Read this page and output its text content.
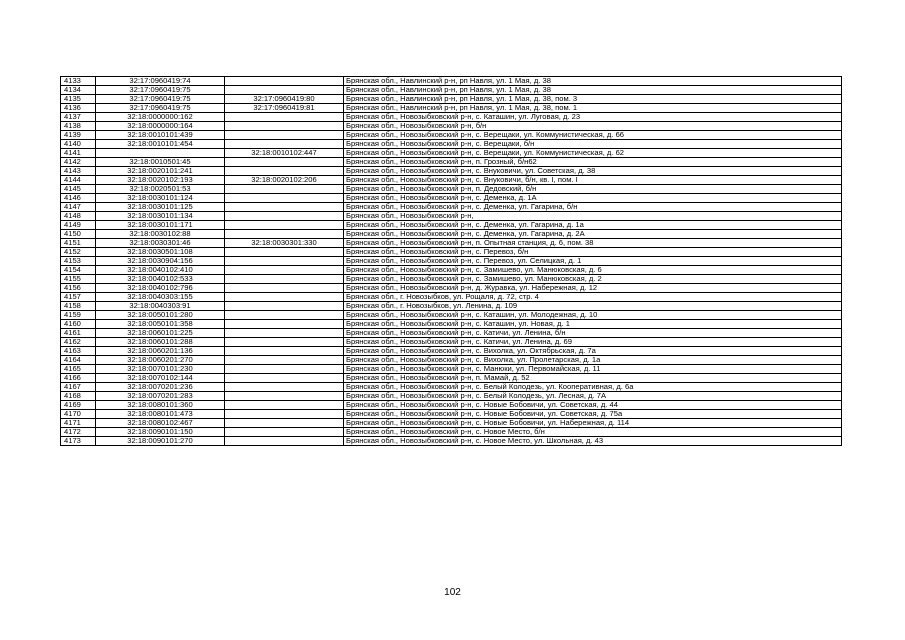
4133	32:17:0960419:74		Брянская обл., Навлинский р-н, рп Навля, ул. 1 Мая, д. 38
4134	32:17:0960419:75		Брянская обл., Навлинский р-н, рп Навля, ул. 1 Мая, д. 38
4135	32:17:0960419:75	32:17:0960419:80	Брянская обл., Навлинский р-н, рп Навля, ул. 1 Мая, д. 38, пом. 3
4136	32:17:0960419:75	32:17:0960419:81	Брянская обл., Навлинский р-н, рп Навля, ул. 1 Мая, д. 38, пом. 1
4137	32:18:0000000:162		Брянская обл., Новозыбковский р-н, с. Каташин, ул. Луговая, д. 23
4138	32:18:0000000:164		Брянская обл., Новозыбковский р-н, б/н
4139	32:18:0010101:439		Брянская обл., Новозыбковский р-н, с. Верещаки, ул. Коммунистическая, д. 66
4140	32:18:0010101:454		Брянская обл., Новозыбковский р-н, с. Верещаки, б/н
4141		32:18:0010102:447	Брянская обл., Новозыбковский р-н, с. Верещаки, ул. Коммунистическая, д. 62
4142	32:18:0010501:45		Брянская обл., Новозыбковский р-н, п. Грозный, б/н62
4143	32:18:0020101:241		Брянская обл., Новозыбковский р-н, с. Внуковичи, ул. Советская, д. 38
4144	32:18:0020102:193	32:18:0020102:206	Брянская обл., Новозыбковский р-н, с. Внуковичи, б/н, кв. I, пом. I
4145	32:18:0020501:53		Брянская обл., Новозыбковский р-н, п. Дедовский, б/н
4146	32:18:0030101:124		Брянская обл., Новозыбковский р-н, с. Деменка, д. 1А
4147	32:18:0030101:125		Брянская обл., Новозыбковский р-н, с. Деменка, ул. Гагарина, б/н
4148	32:18:0030101:134		Брянская обл., Новозыбковский р-н,
4149	32:18:0030101:171		Брянская обл., Новозыбковский р-н, с. Деменка, ул. Гагарина, д. 1а
4150	32:18:0030102:88		Брянская обл., Новозыбковский р-н, с. Деменка, ул. Гагарина, д. 2А
4151	32:18:0030301:46	32:18:0030301:330	Брянская обл., Новозыбковский р-н, п. Опытная станция, д. 6, пом. 38
4152	32:18:0030501:108		Брянская обл., Новозыбковский р-н, с. Перевоз, б/н
4153	32:18:0030904:156		Брянская обл., Новозыбковский р-н, с. Перевоз, ул. Селицкая, д. 1
4154	32:18:0040102:410		Брянская обл., Новозыбковский р-н, с. Замишево, ул. Манюковская, д. 6
4155	32:18:0040102:533		Брянская обл., Новозыбковский р-н, с. Замишево, ул. Манюковская, д. 2
4156	32:18:0040102:796		Брянская обл., Новозыбковский р-н, д. Журавка, ул. Набережная, д. 12
4157	32:18:0040303:155		Брянская обл., г. Новозыбков, ул. Рощаля, д. 72, стр. 4
4158	32:18:0040303:91		Брянская обл., г. Новозыбков, ул. Ленина, д. 109
4159	32:18:0050101:280		Брянская обл., Новозыбковский р-н, с. Каташин, ул. Молодежная, д. 10
4160	32:18:0050101:358		Брянская обл., Новозыбковский р-н, с. Каташин, ул. Новая, д. 1
4161	32:18:0060101:225		Брянская обл., Новозыбковский р-н, с. Катичи, ул. Ленина, б/н
4162	32:18:0060101:288		Брянская обл., Новозыбковский р-н, с. Катичи, ул. Ленина, д. 69
4163	32:18:0060201:136		Брянская обл., Новозыбковский р-н, с. Вихолка, ул. Октябрьская, д. 7а
4164	32:18:0060201:270		Брянская обл., Новозыбковский р-н, с. Вихолка, ул. Пролетарская, д. 1а
4165	32:18:0070101:230		Брянская обл., Новозыбковский р-н, с. Манюки, ул. Первомайская, д. 11
4166	32:18:0070102:144		Брянская обл., Новозыбковский р-н, п. Мамай, д. 52
4167	32:18:0070201:236		Брянская обл., Новозыбковский р-н, с. Белый Колодезь, ул. Кооперативная, д. 6а
4168	32:18:0070201:283		Брянская обл., Новозыбковский р-н, с. Белый Колодезь, ул. Лесная, д. 7А
4169	32:18:0080101:360		Брянская обл., Новозыбковский р-н, с. Новые Бобовичи, ул. Советская, д. 44
4170	32:18:0080101:473		Брянская обл., Новозыбковский р-н, с. Новые Бобовичи, ул. Советская, д. 75а
4171	32:18:0080102:467		Брянская обл., Новозыбковский р-н, с. Новые Бобовичи, ул. Набережная, д. 114
4172	32:18:0090101:150		Брянская обл., Новозыбковский р-н, с. Новое Место, б/н
4173	32:18:0090101:270		Брянская обл., Новозыбковский р-н, с. Новое Место, ул. Школьная, д. 43
102
